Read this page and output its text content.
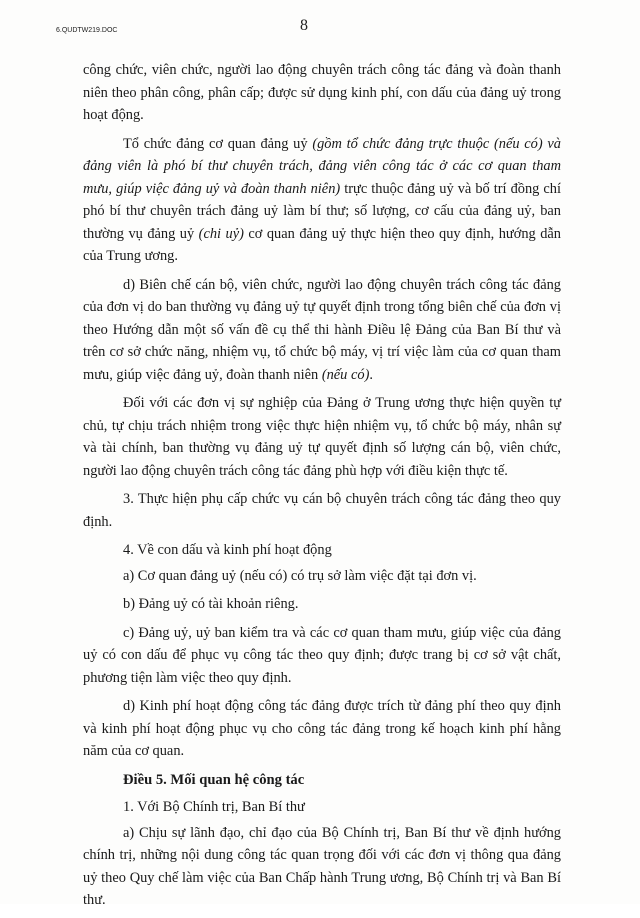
6.QUDTW219.DOC	8

công chức, viên chức, người lao động chuyên trách công tác đảng và đoàn thanh niên theo phân công, phân cấp; được sử dụng kinh phí, con dấu của đảng uỷ trong hoạt động.

Tổ chức đảng cơ quan đảng uỷ (gồm tổ chức đảng trực thuộc (nếu có) và đảng viên là phó bí thư chuyên trách, đảng viên công tác ở các cơ quan tham mưu, giúp việc đảng uỷ và đoàn thanh niên) trực thuộc đảng uỷ và bố trí đồng chí phó bí thư chuyên trách đảng uỷ làm bí thư; số lượng, cơ cấu của đảng uỷ, ban thường vụ đảng uỷ (chi uỷ) cơ quan đảng uỷ thực hiện theo quy định, hướng dẫn của Trung ương.

d) Biên chế cán bộ, viên chức, người lao động chuyên trách công tác đảng của đơn vị do ban thường vụ đảng uỷ tự quyết định trong tổng biên chế của đơn vị theo Hướng dẫn một số vấn đề cụ thể thi hành Điều lệ Đảng của Ban Bí thư và trên cơ sở chức năng, nhiệm vụ, tổ chức bộ máy, vị trí việc làm của cơ quan tham mưu, giúp việc đảng uỷ, đoàn thanh niên (nếu có).

Đối với các đơn vị sự nghiệp của Đảng ở Trung ương thực hiện quyền tự chủ, tự chịu trách nhiệm trong việc thực hiện nhiệm vụ, tổ chức bộ máy, nhân sự và tài chính, ban thường vụ đảng uỷ tự quyết định số lượng cán bộ, viên chức, người lao động chuyên trách công tác đảng phù hợp với điều kiện thực tế.

3. Thực hiện phụ cấp chức vụ cán bộ chuyên trách công tác đảng theo quy định.

4. Về con dấu và kinh phí hoạt động

a) Cơ quan đảng uỷ (nếu có) có trụ sở làm việc đặt tại đơn vị.

b) Đảng uỷ có tài khoản riêng.

c) Đảng uỷ, uỷ ban kiểm tra và các cơ quan tham mưu, giúp việc của đảng uỷ có con dấu để phục vụ công tác theo quy định; được trang bị cơ sở vật chất, phương tiện làm việc theo quy định.

d) Kinh phí hoạt động công tác đảng được trích từ đảng phí theo quy định và kinh phí hoạt động phục vụ cho công tác đảng trong kế hoạch kinh phí hằng năm của cơ quan.

Điều 5. Mối quan hệ công tác

1. Với Bộ Chính trị, Ban Bí thư

a) Chịu sự lãnh đạo, chỉ đạo của Bộ Chính trị, Ban Bí thư về định hướng chính trị, những nội dung công tác quan trọng đối với các đơn vị thông qua đảng uỷ theo Quy chế làm việc của Ban Chấp hành Trung ương, Bộ Chính trị và Ban Bí thư.
